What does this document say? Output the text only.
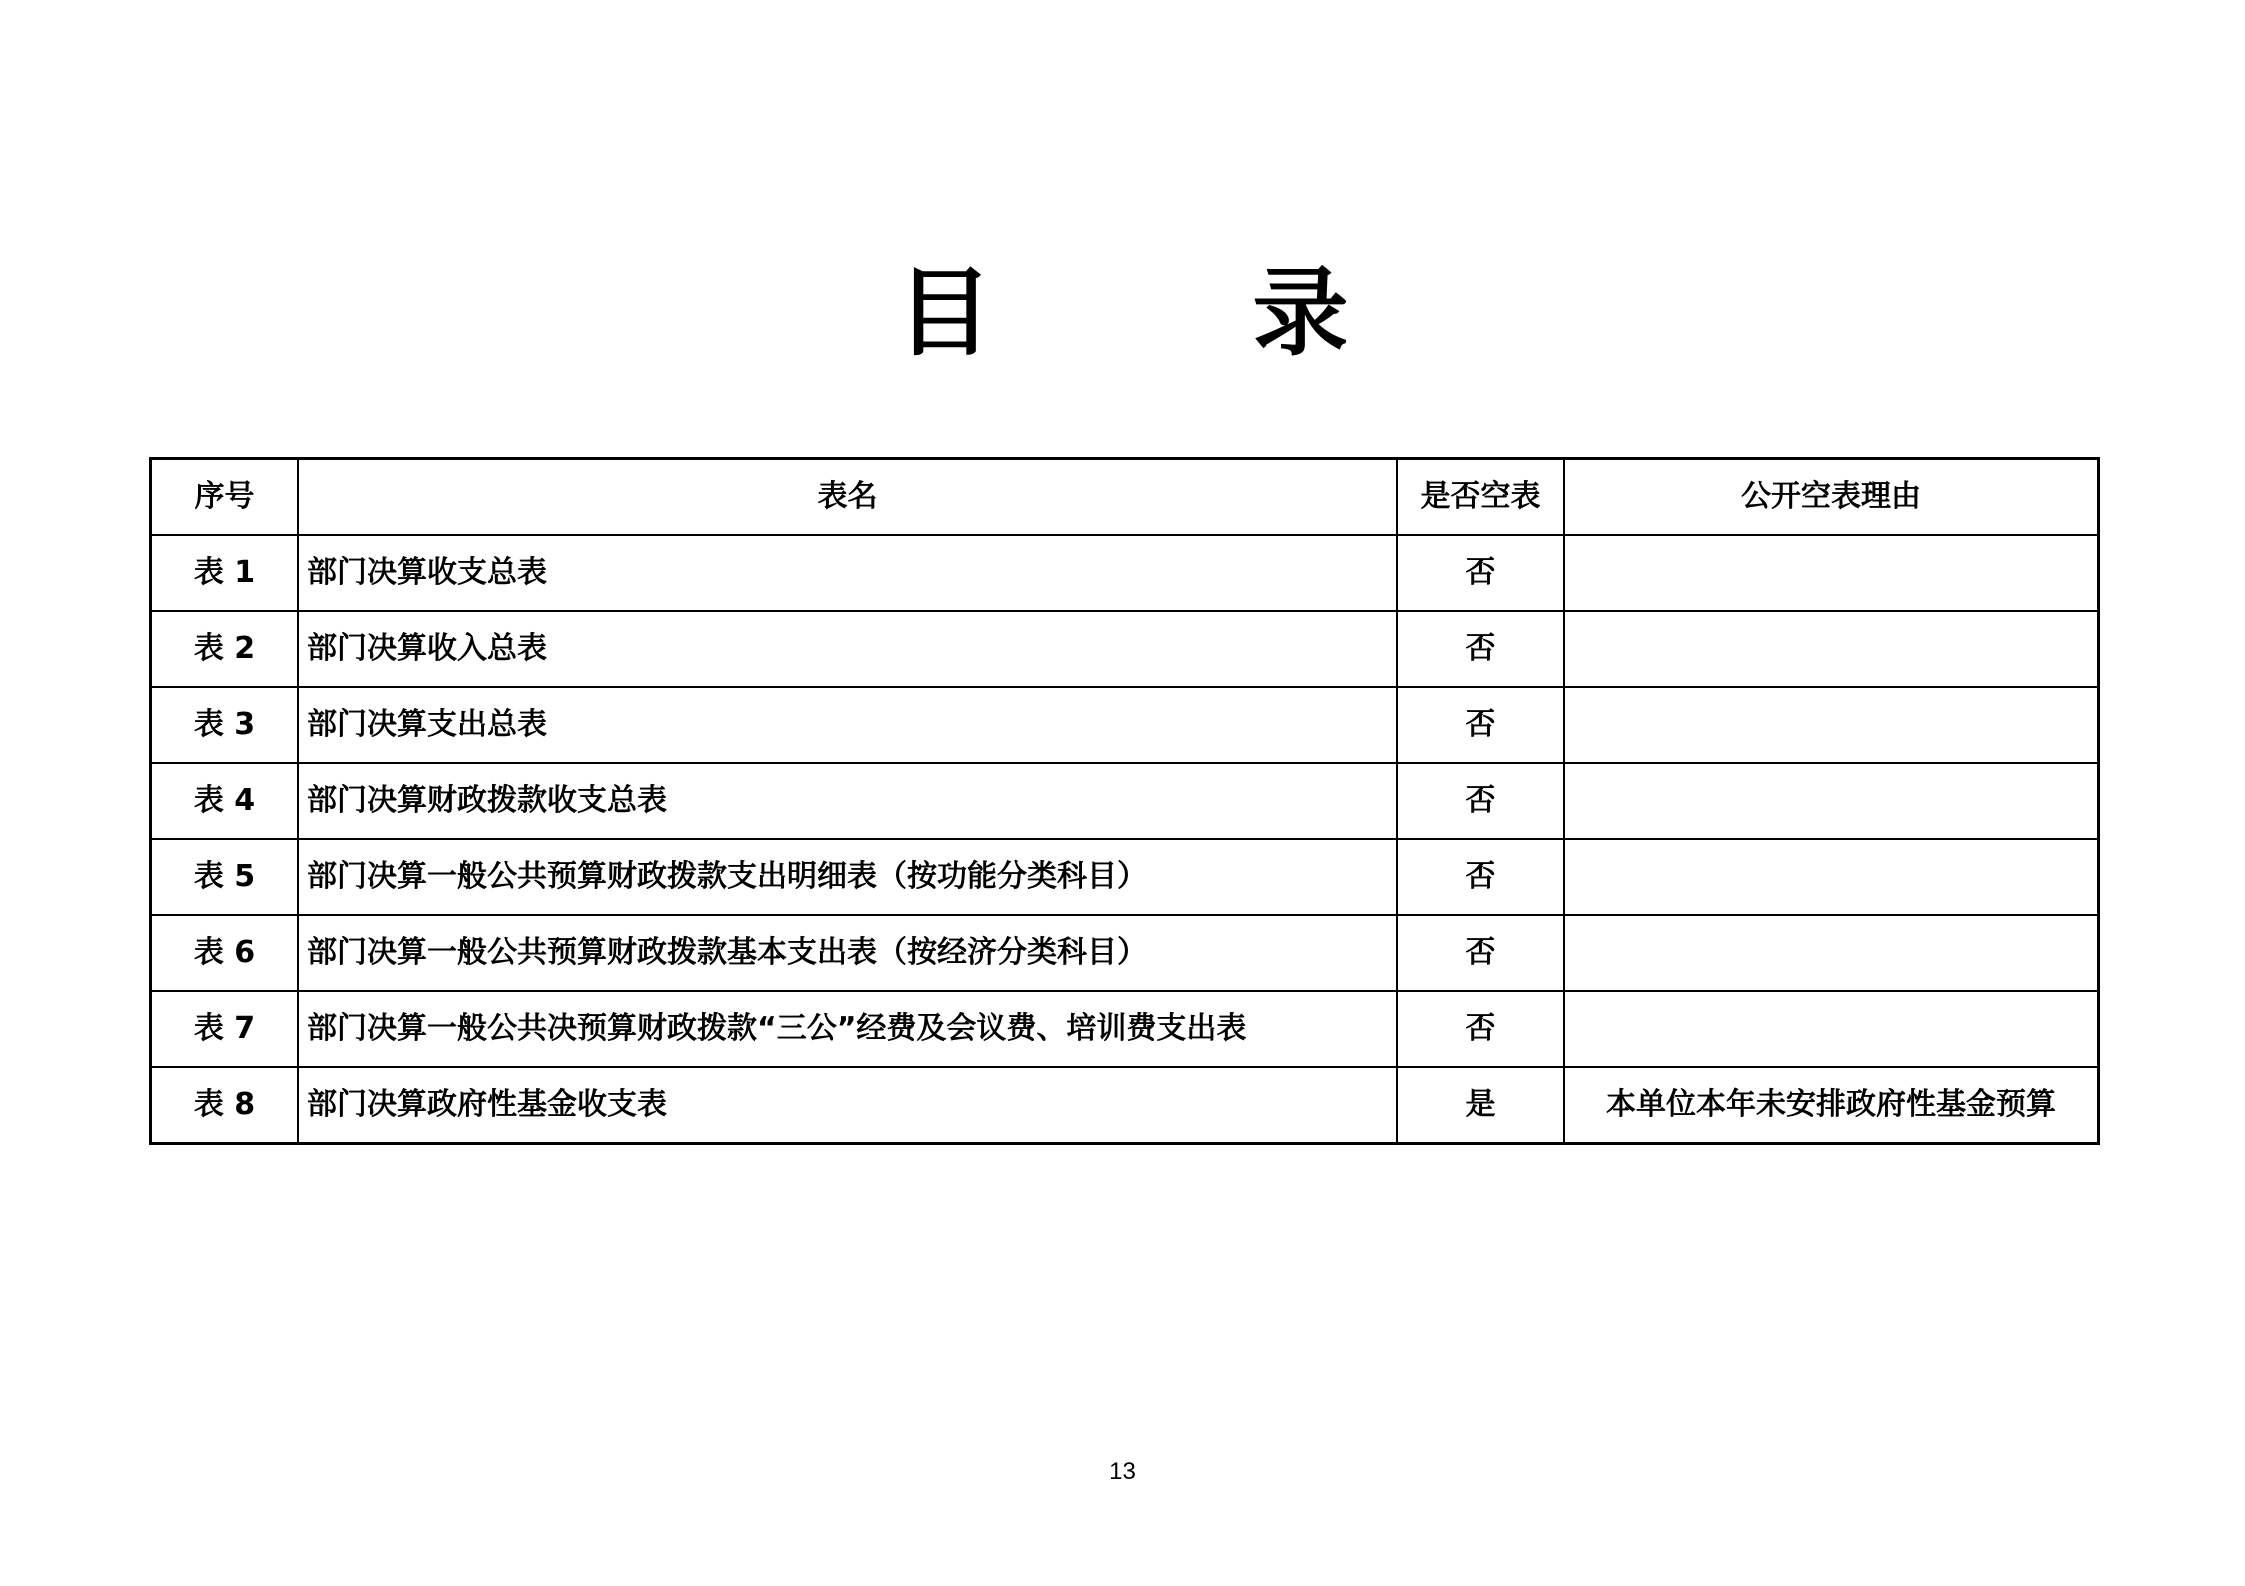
目　录
序号	表名	是否空表	公开空表理由
表 1	部门决算收支总表	否	
表 2	部门决算收入总表	否	
表 3	部门决算支出总表	否	
表 4	部门决算财政拨款收支总表	否	
表 5	部门决算一般公共预算财政拨款支出明细表（按功能分类科目）	否	
表 6	部门决算一般公共预算财政拨款基本支出表（按经济分类科目）	否	
表 7	部门决算一般公共决预算财政拨款“三公”经费及会议费、培训费支出表	否	
表 8	部门决算政府性基金收支表	是	本单位本年未安排政府性基金预算
13
